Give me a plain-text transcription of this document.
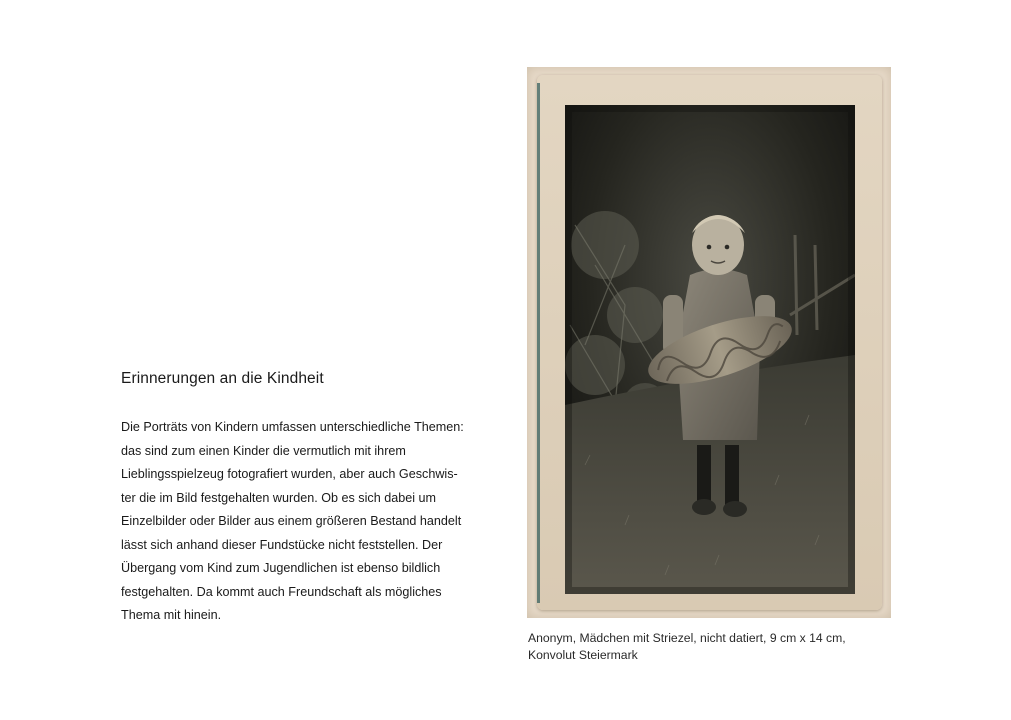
Erinnerungen an die Kindheit

Die Porträts von Kindern umfassen unterschiedliche Themen:
das sind zum einen Kinder die vermutlich mit ihrem
Lieblingsspielzeug fotografiert wurden, aber auch Geschwis-
ter die im Bild festgehalten wurden. Ob es sich dabei um
Einzelbilder oder Bilder aus einem größeren Bestand handelt
lässt sich anhand dieser Fundstücke nicht feststellen. Der
Übergang vom Kind zum Jugendlichen ist ebenso bildlich
festgehalten. Da kommt auch Freundschaft als mögliches
Thema mit hinein.

Anonym, Mädchen mit Striezel, nicht datiert, 9 cm x 14 cm,
Konvolut Steiermark
